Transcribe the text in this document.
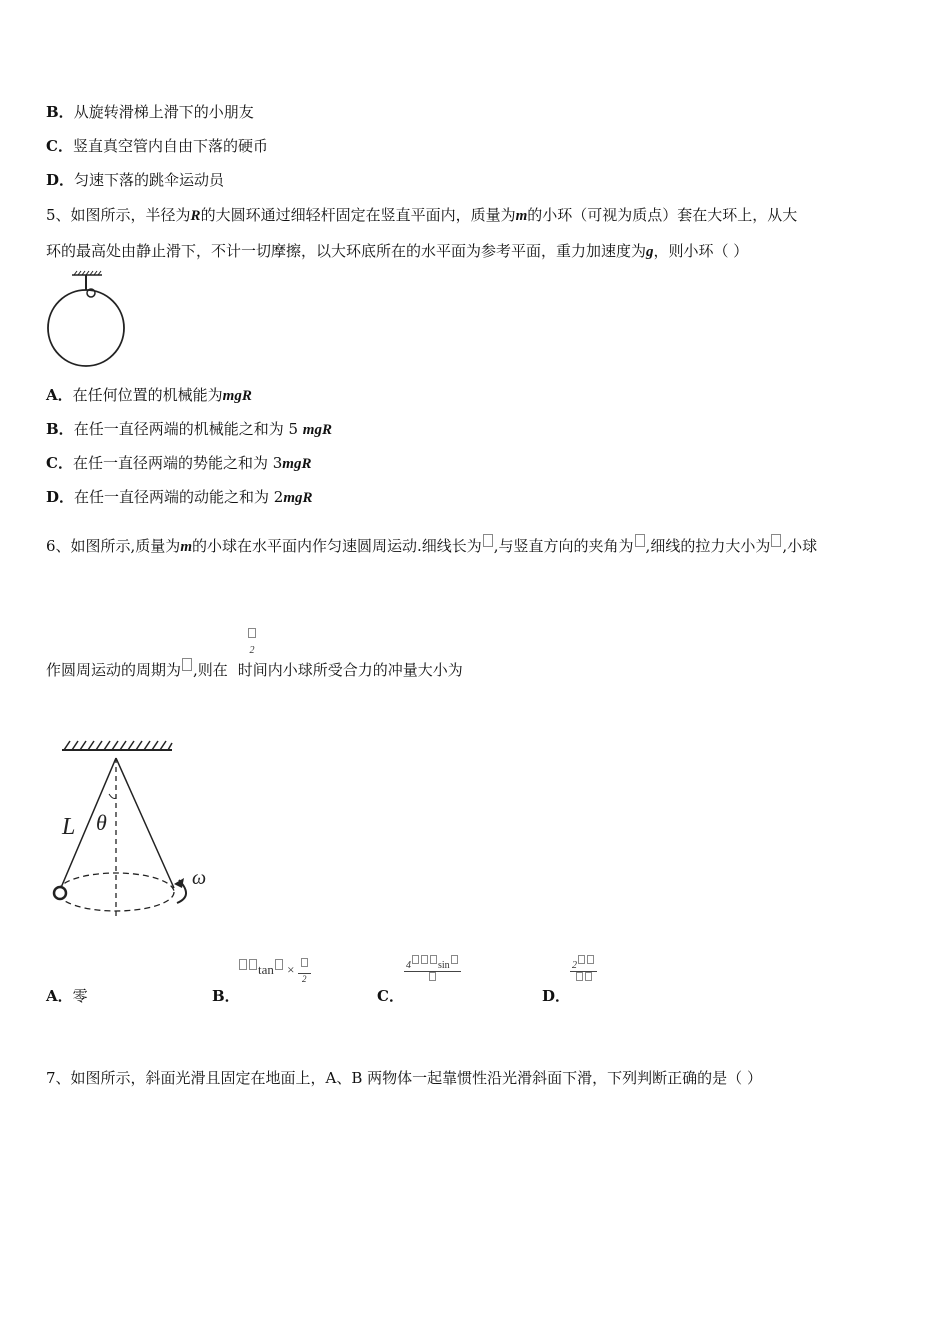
B．从旋转滑梯上滑下的小朋友
C．竖直真空管内自由下落的硬币
D．匀速下落的跳伞运动员
5、如图所示，半径为R的大圆环通过细轻杆固定在竖直平面内，质量为m的小环（可视为质点）套在大环上，从大
环的最高处由静止滑下，不计一切摩擦，以大环底所在的水平面为参考平面，重力加速度为g，则小环（ ）
A．在任何位置的机械能为mgR
B．在任一直径两端的机械能之和为 5 mgR
C．在任一直径两端的势能之和为 3mgR
D．在任一直径两端的动能之和为 2mgR
6、如图所示,质量为m的小球在水平面内作匀速圆周运动.细线长为 ,与竖直方向的夹角为 ,细线的拉力大小为 ,小球

2
作圆周运动的周期为 ,则在 时间内小球所受合力的冲量大小为
L θ
ω
A．零	B．
tan ×
2
C．
4	sin
D．
2
7、如图所示，斜面光滑且固定在地面上，A、B 两物体一起靠惯性沿光滑斜面下滑，下列判断正确的是（ ）
